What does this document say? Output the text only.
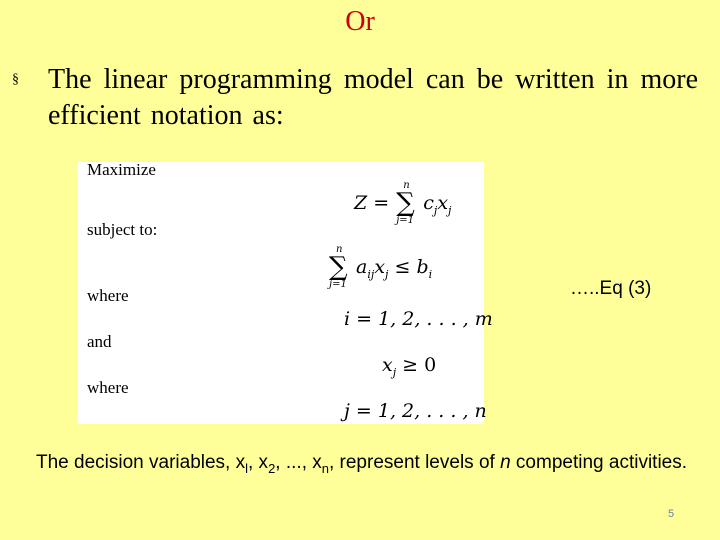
Or
§ The linear programming model can be written in more efficient notation as:
Maximize
Z =
n
∑
j=1
$c_jx_j$
subject to:
n
∑
j=1
$a_{ij}x_j \le b_i$
where
i = 1, 2, . . . , m
and
$x_j \ge 0$
where
j = 1, 2, . . . , n
…..Eq (3)
The decision variables, $x_l$, $x_2$, ..., $x_n$, represent levels of n competing activities.
5
